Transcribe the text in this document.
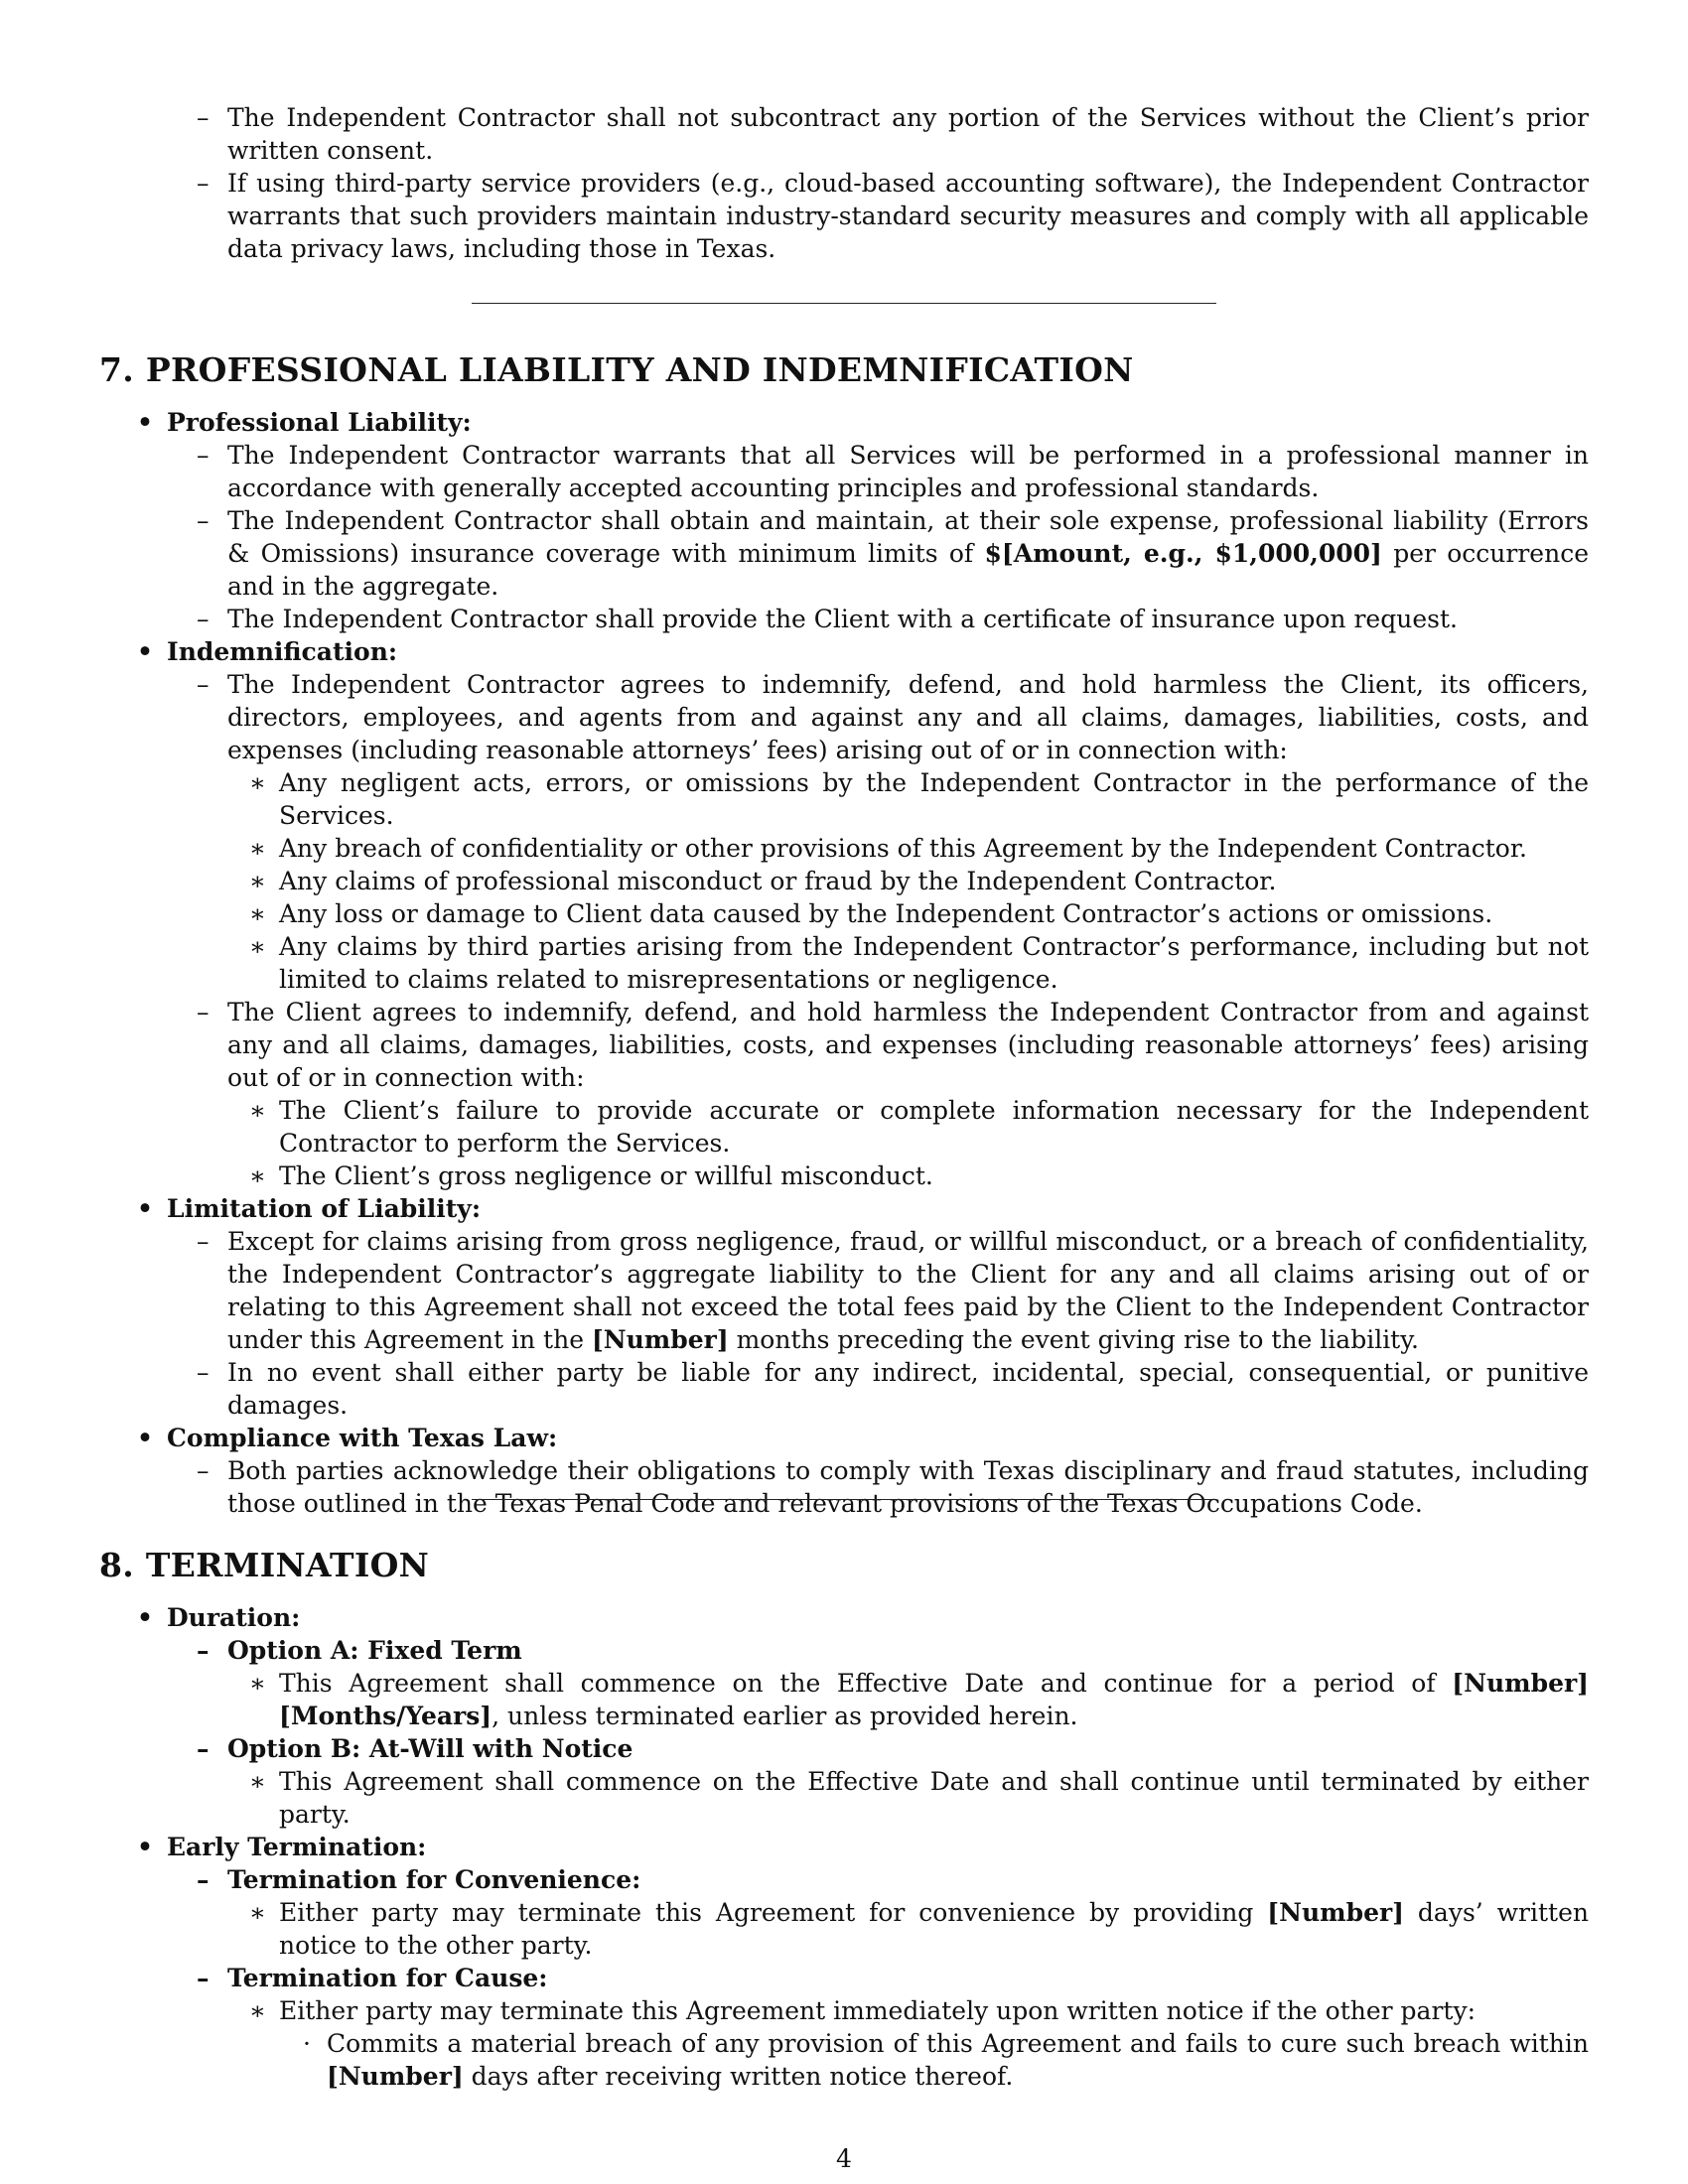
– The Independent Contractor shall not subcontract any portion of the Services without the Client’s prior written consent.
– If using third-party service providers (e.g., cloud-based accounting software), the Independent Contractor warrants that such providers maintain industry-standard security measures and comply with all applicable data privacy laws, including those in Texas.
7. PROFESSIONAL LIABILITY AND INDEMNIFICATION
• Professional Liability:
– The Independent Contractor warrants that all Services will be performed in a professional manner in accordance with generally accepted accounting principles and professional standards.
– The Independent Contractor shall obtain and maintain, at their sole expense, professional liability (Errors & Omissions) insurance coverage with minimum limits of $[Amount, e.g., $1,000,000] per occurrence and in the aggregate.
– The Independent Contractor shall provide the Client with a certificate of insurance upon request.
• Indemnification:
– The Independent Contractor agrees to indemnify, defend, and hold harmless the Client, its officers, directors, employees, and agents from and against any and all claims, damages, liabilities, costs, and expenses (including reasonable attorneys’ fees) arising out of or in connection with:
∗ Any negligent acts, errors, or omissions by the Independent Contractor in the performance of the Services.
∗ Any breach of confidentiality or other provisions of this Agreement by the Independent Contractor.
∗ Any claims of professional misconduct or fraud by the Independent Contractor.
∗ Any loss or damage to Client data caused by the Independent Contractor’s actions or omissions.
∗ Any claims by third parties arising from the Independent Contractor’s performance, including but not limited to claims related to misrepresentations or negligence.
– The Client agrees to indemnify, defend, and hold harmless the Independent Contractor from and against any and all claims, damages, liabilities, costs, and expenses (including reasonable attorneys’ fees) arising out of or in connection with:
∗ The Client’s failure to provide accurate or complete information necessary for the Independent Contractor to perform the Services.
∗ The Client’s gross negligence or willful misconduct.
• Limitation of Liability:
– Except for claims arising from gross negligence, fraud, or willful misconduct, or a breach of confidentiality, the Independent Contractor’s aggregate liability to the Client for any and all claims arising out of or relating to this Agreement shall not exceed the total fees paid by the Client to the Independent Contractor under this Agreement in the [Number] months preceding the event giving rise to the liability.
– In no event shall either party be liable for any indirect, incidental, special, consequential, or punitive damages.
• Compliance with Texas Law:
– Both parties acknowledge their obligations to comply with Texas disciplinary and fraud statutes, including those outlined in the Texas Penal Code and relevant provisions of the Texas Occupations Code.
8. TERMINATION
• Duration:
– Option A: Fixed Term
∗ This Agreement shall commence on the Effective Date and continue for a period of [Number] [Months/Years], unless terminated earlier as provided herein.
– Option B: At-Will with Notice
∗ This Agreement shall commence on the Effective Date and shall continue until terminated by either party.
• Early Termination:
– Termination for Convenience:
∗ Either party may terminate this Agreement for convenience by providing [Number] days’ written notice to the other party.
– Termination for Cause:
∗ Either party may terminate this Agreement immediately upon written notice if the other party:
· Commits a material breach of any provision of this Agreement and fails to cure such breach within [Number] days after receiving written notice thereof.
4
